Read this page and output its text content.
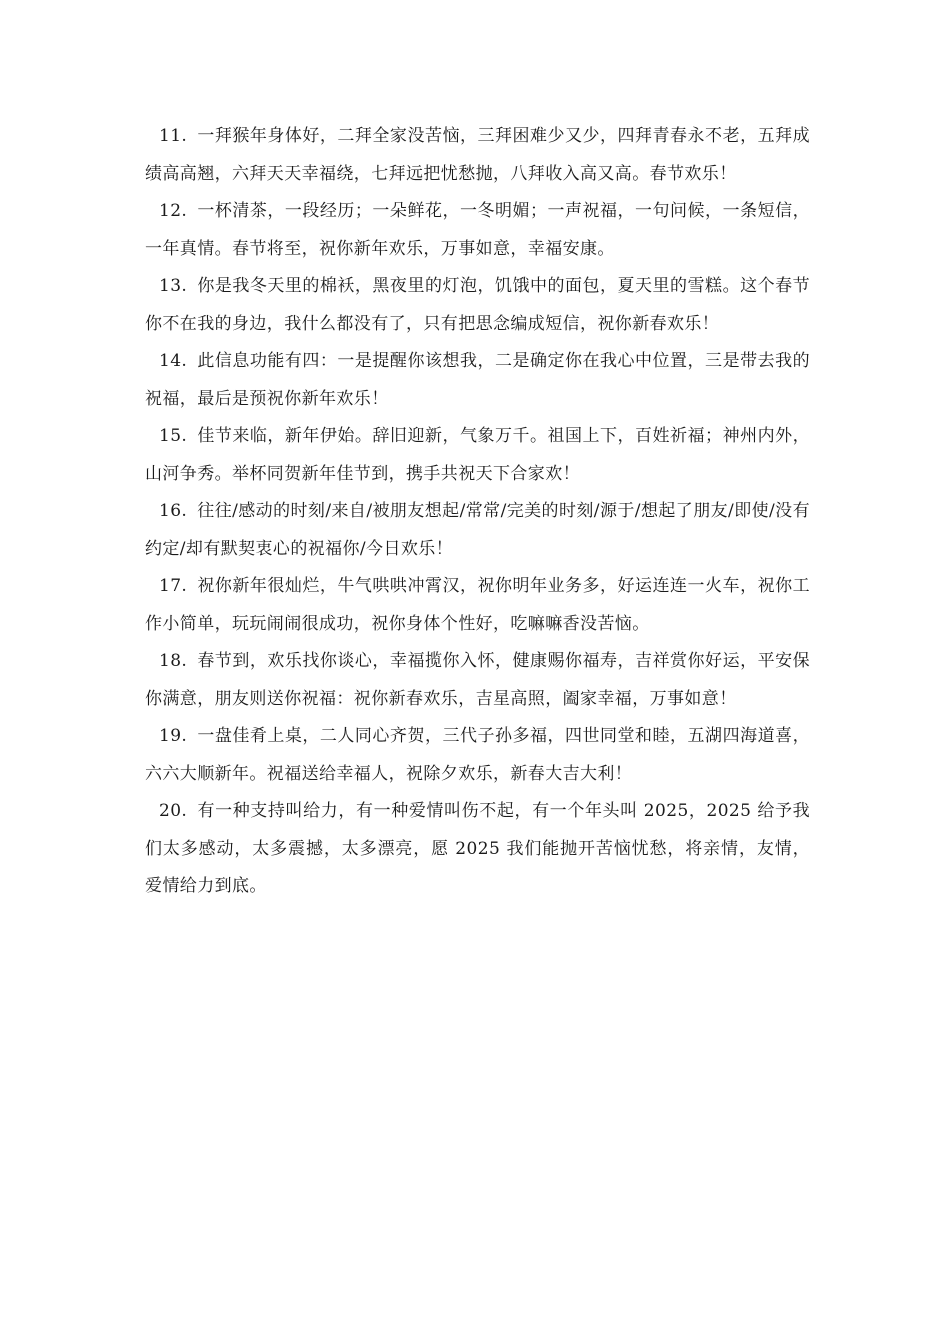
11. 一拜猴年身体好，二拜全家没苦恼，三拜困难少又少，四拜青春永不老，五拜成绩高高翘，六拜天天幸福绕，七拜远把忧愁抛，八拜收入高又高。春节欢乐！

12. 一杯清茶，一段经历；一朵鲜花，一冬明媚；一声祝福，一句问候，一条短信，一年真情。春节将至，祝你新年欢乐，万事如意，幸福安康。

13. 你是我冬天里的棉袄，黑夜里的灯泡，饥饿中的面包，夏天里的雪糕。这个春节你不在我的身边，我什么都没有了，只有把思念编成短信，祝你新春欢乐！

14. 此信息功能有四：一是提醒你该想我，二是确定你在我心中位置，三是带去我的祝福，最后是预祝你新年欢乐！

15. 佳节来临，新年伊始。辞旧迎新，气象万千。祖国上下，百姓祈福；神州内外，山河争秀。举杯同贺新年佳节到，携手共祝天下合家欢！

16. 往往/感动的时刻/来自/被朋友想起/常常/完美的时刻/源于/想起了朋友/即使/没有约定/却有默契衷心的祝福你/今日欢乐！

17. 祝你新年很灿烂，牛气哄哄冲霄汉，祝你明年业务多，好运连连一火车，祝你工作小简单，玩玩闹闹很成功，祝你身体个性好，吃嘛嘛香没苦恼。

18. 春节到，欢乐找你谈心，幸福揽你入怀，健康赐你福寿，吉祥赏你好运，平安保你满意，朋友则送你祝福：祝你新春欢乐，吉星高照，阖家幸福，万事如意！

19. 一盘佳肴上桌，二人同心齐贺，三代子孙多福，四世同堂和睦，五湖四海道喜，六六大顺新年。祝福送给幸福人，祝除夕欢乐，新春大吉大利！

20. 有一种支持叫给力，有一种爱情叫伤不起，有一个年头叫 2025，2025 给予我们太多感动，太多震撼，太多漂亮，愿 2025 我们能抛开苦恼忧愁，将亲情，友情，爱情给力到底。
